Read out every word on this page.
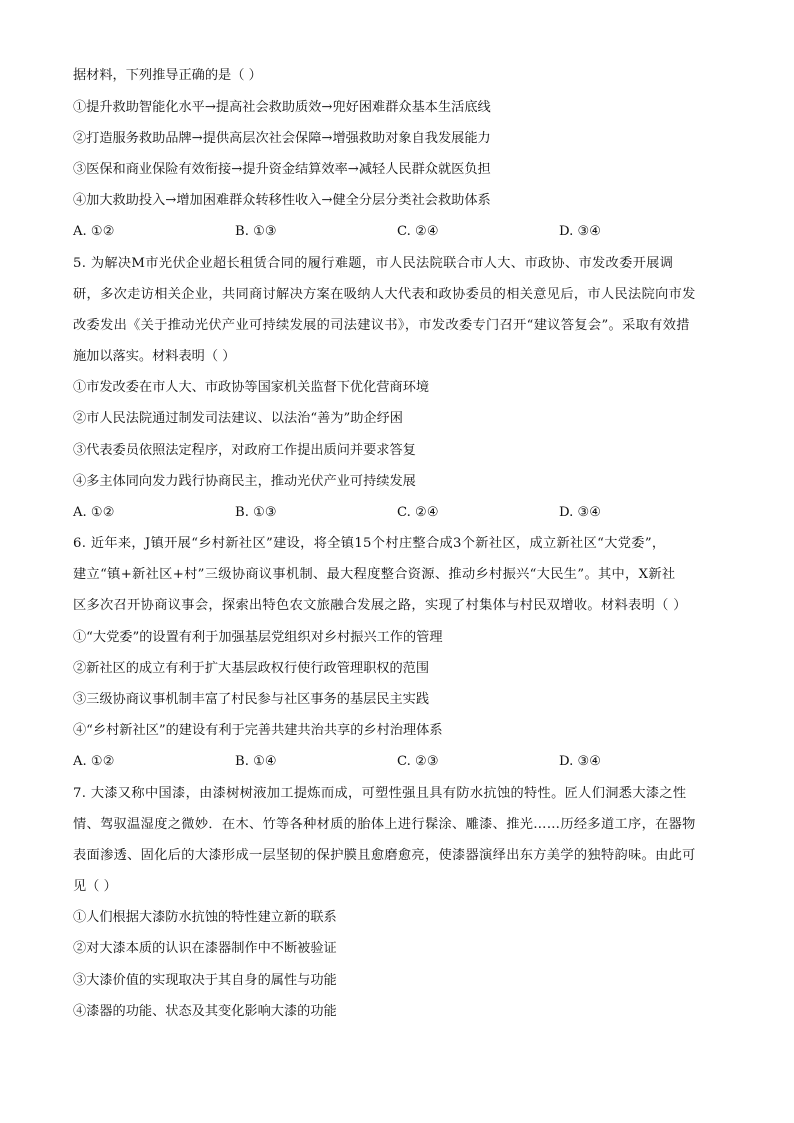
据材料，下列推导正确的是（ ）
①提升救助智能化水平→提高社会救助质效→兜好困难群众基本生活底线
②打造服务救助品牌→提供高层次社会保障→增强救助对象自我发展能力
③医保和商业保险有效衔接→提升资金结算效率→减轻人民群众就医负担
④加大救助投入→增加困难群众转移性收入→健全分层分类社会救助体系
A. ①②	B. ①③	C. ②④	D. ③④
5. 为解决M市光伏企业超长租赁合同的履行难题，市人民法院联合市人大、市政协、市发改委开展调
研，多次走访相关企业，共同商讨解决方案在吸纳人大代表和政协委员的相关意见后，市人民法院向市发
改委发出《关于推动光伏产业可持续发展的司法建议书》，市发改委专门召开“建议答复会”。采取有效措
施加以落实。材料表明（ ）
①市发改委在市人大、市政协等国家机关监督下优化营商环境
②市人民法院通过制发司法建议、以法治“善为”助企纾困
③代表委员依照法定程序，对政府工作提出质问并要求答复
④多主体同向发力践行协商民主，推动光伏产业可持续发展
A. ①②	B. ①③	C. ②④	D. ③④
6. 近年来，J镇开展“乡村新社区”建设，将全镇15个村庄整合成3个新社区，成立新社区“大党委”，
建立“镇+新社区+村”三级协商议事机制、最大程度整合资源、推动乡村振兴“大民生”。其中，X新社
区多次召开协商议事会，探索出特色农文旅融合发展之路，实现了村集体与村民双增收。材料表明（ ）
①“大党委”的设置有利于加强基层党组织对乡村振兴工作的管理
②新社区的成立有利于扩大基层政权行使行政管理职权的范围
③三级协商议事机制丰富了村民参与社区事务的基层民主实践
④“乡村新社区”的建设有利于完善共建共治共享的乡村治理体系
A. ①②	B. ①④	C. ②③	D. ③④
7. 大漆又称中国漆，由漆树树液加工提炼而成，可塑性强且具有防水抗蚀的特性。匠人们洞悉大漆之性
情、驾驭温湿度之微妙．在木、竹等各种材质的胎体上进行髹涂、雕漆、推光……历经多道工序，在器物
表面渗透、固化后的大漆形成一层坚韧的保护膜且愈磨愈亮，使漆器演绎出东方美学的独特韵味。由此可
见（ ）
①人们根据大漆防水抗蚀的特性建立新的联系
②对大漆本质的认识在漆器制作中不断被验证
③大漆价值的实现取决于其自身的属性与功能
④漆器的功能、状态及其变化影响大漆的功能
